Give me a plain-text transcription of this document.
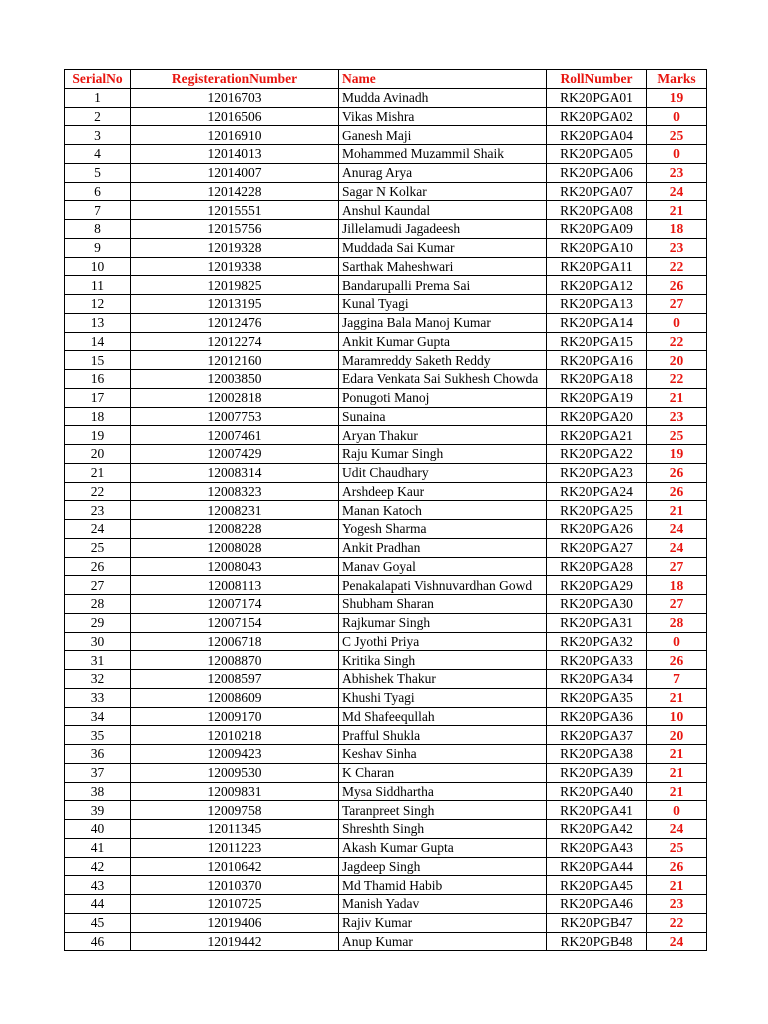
SerialNo	RegisterationNumber	Name	RollNumber	Marks
1	12016703	Mudda Avinadh	RK20PGA01	19
2	12016506	Vikas Mishra	RK20PGA02	0
3	12016910	Ganesh Maji	RK20PGA04	25
4	12014013	Mohammed Muzammil Shaik	RK20PGA05	0
5	12014007	Anurag Arya	RK20PGA06	23
6	12014228	Sagar N Kolkar	RK20PGA07	24
7	12015551	Anshul Kaundal	RK20PGA08	21
8	12015756	Jillelamudi Jagadeesh	RK20PGA09	18
9	12019328	Muddada Sai Kumar	RK20PGA10	23
10	12019338	Sarthak Maheshwari	RK20PGA11	22
11	12019825	Bandarupalli Prema Sai	RK20PGA12	26
12	12013195	Kunal Tyagi	RK20PGA13	27
13	12012476	Jaggina Bala Manoj Kumar	RK20PGA14	0
14	12012274	Ankit Kumar Gupta	RK20PGA15	22
15	12012160	Maramreddy Saketh Reddy	RK20PGA16	20
16	12003850	Edara Venkata Sai Sukhesh Chowda	RK20PGA18	22
17	12002818	Ponugoti Manoj	RK20PGA19	21
18	12007753	Sunaina	RK20PGA20	23
19	12007461	Aryan Thakur	RK20PGA21	25
20	12007429	Raju Kumar Singh	RK20PGA22	19
21	12008314	Udit Chaudhary	RK20PGA23	26
22	12008323	Arshdeep Kaur	RK20PGA24	26
23	12008231	Manan Katoch	RK20PGA25	21
24	12008228	Yogesh Sharma	RK20PGA26	24
25	12008028	Ankit Pradhan	RK20PGA27	24
26	12008043	Manav Goyal	RK20PGA28	27
27	12008113	Penakalapati Vishnuvardhan Gowd	RK20PGA29	18
28	12007174	Shubham Sharan	RK20PGA30	27
29	12007154	Rajkumar Singh	RK20PGA31	28
30	12006718	C Jyothi Priya	RK20PGA32	0
31	12008870	Kritika Singh	RK20PGA33	26
32	12008597	Abhishek Thakur	RK20PGA34	7
33	12008609	Khushi Tyagi	RK20PGA35	21
34	12009170	Md Shafeequllah	RK20PGA36	10
35	12010218	Prafful Shukla	RK20PGA37	20
36	12009423	Keshav Sinha	RK20PGA38	21
37	12009530	K Charan	RK20PGA39	21
38	12009831	Mysa Siddhartha	RK20PGA40	21
39	12009758	Taranpreet Singh	RK20PGA41	0
40	12011345	Shreshth Singh	RK20PGA42	24
41	12011223	Akash Kumar Gupta	RK20PGA43	25
42	12010642	Jagdeep Singh	RK20PGA44	26
43	12010370	Md Thamid Habib	RK20PGA45	21
44	12010725	Manish Yadav	RK20PGA46	23
45	12019406	Rajiv Kumar	RK20PGB47	22
46	12019442	Anup Kumar	RK20PGB48	24
